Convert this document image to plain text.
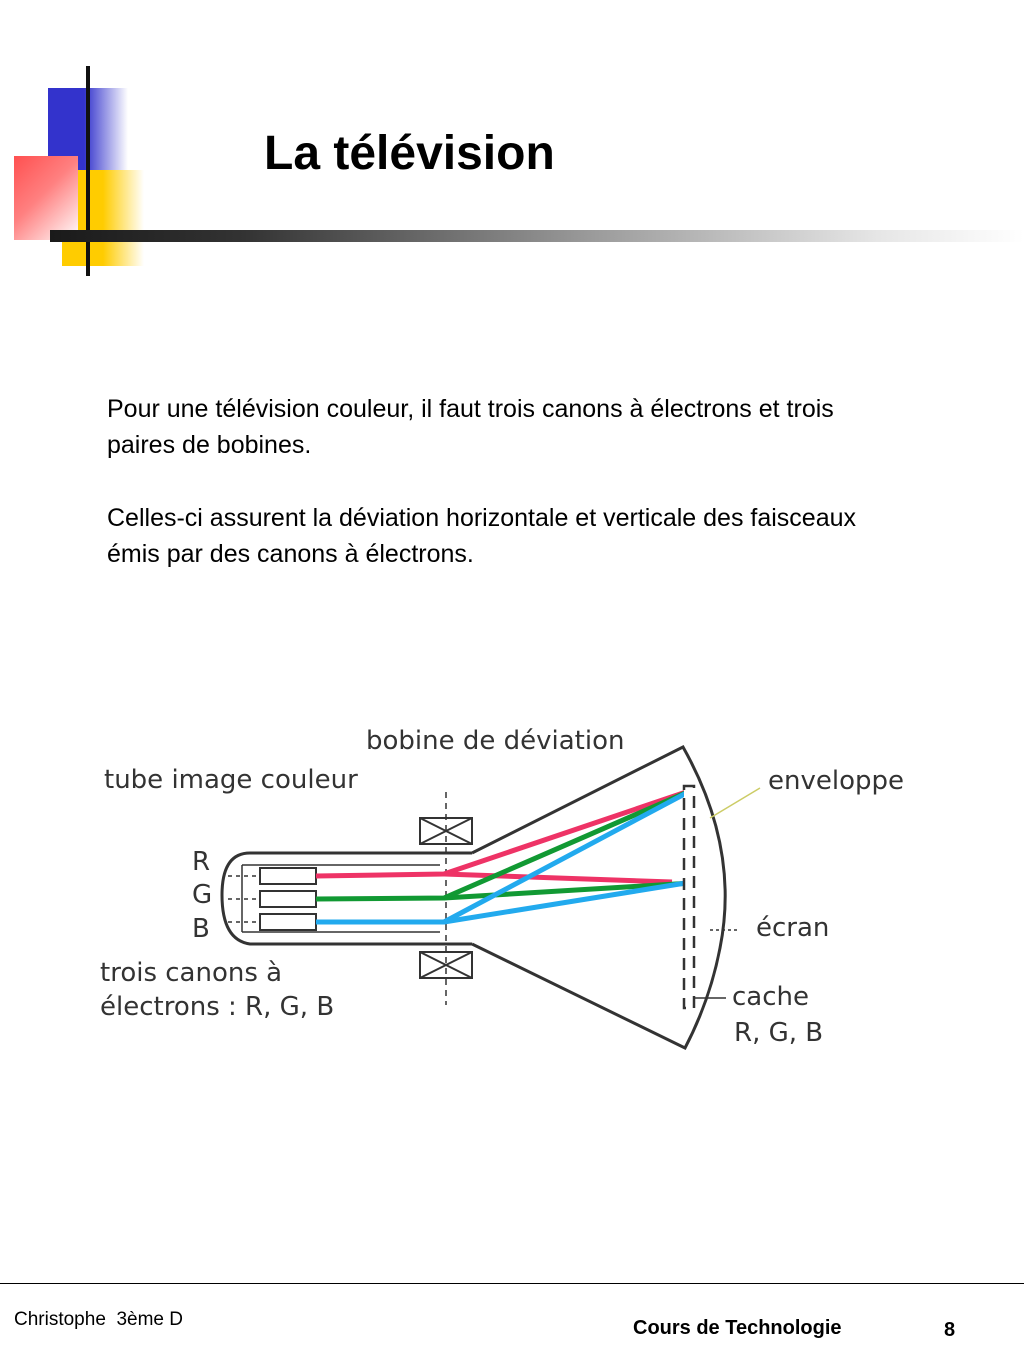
La télévision

Pour une télévision couleur, il faut trois canons à électrons et trois paires de bobines.

Celles-ci assurent la déviation horizontale et verticale des faisceaux émis par des canons à électrons.

bobine de déviation
tube image couleur
R
G
B
trois canons à
électrons : R, G, B
enveloppe
écran
cache
R, G, B
Christophe  3ème D	Cours de Technologie	8
